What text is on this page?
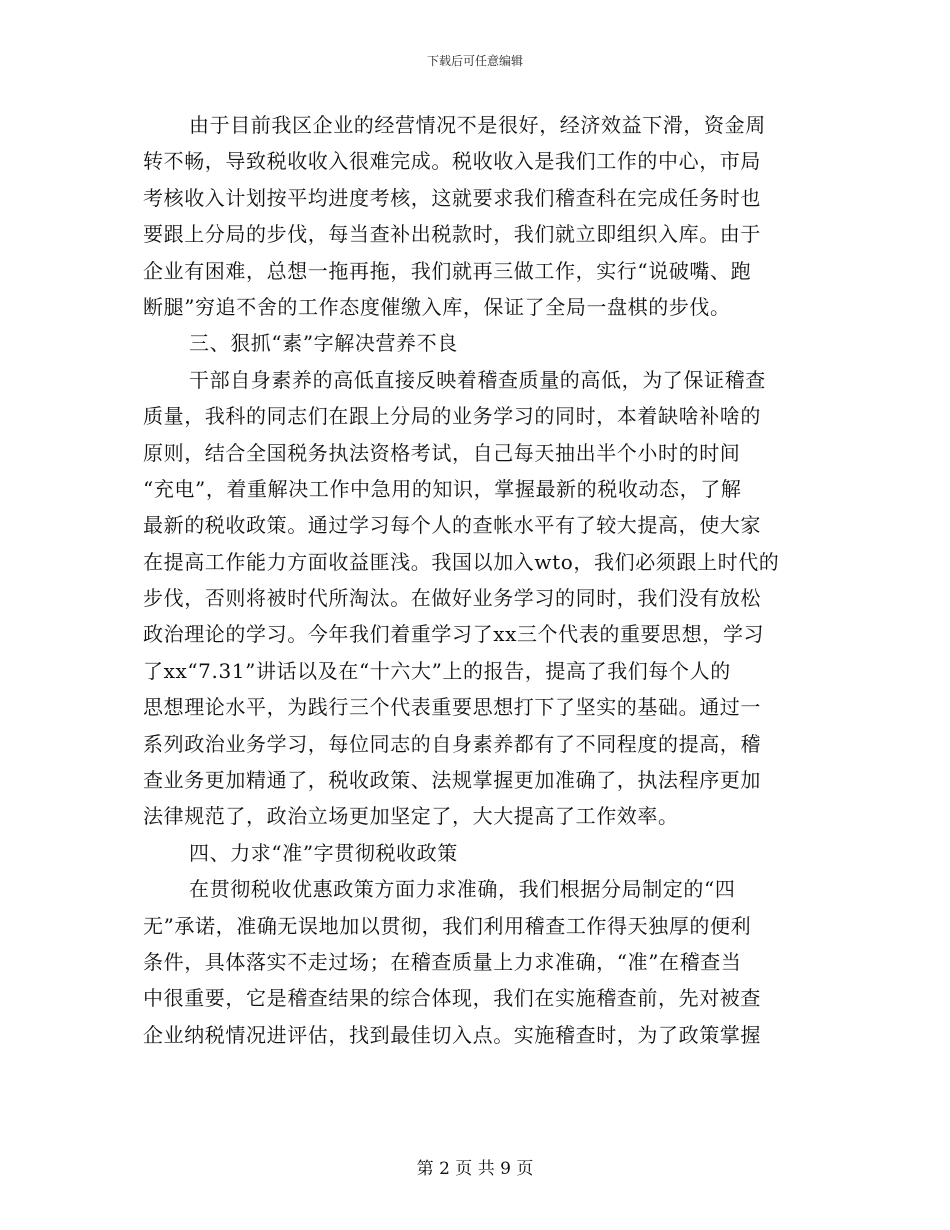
下载后可任意编辑
由于目前我区企业的经营情况不是很好，经济效益下滑，资金周
转不畅，导致税收收入很难完成。税收收入是我们工作的中心，市局
考核收入计划按平均进度考核，这就要求我们稽查科在完成任务时也
要跟上分局的步伐，每当查补出税款时，我们就立即组织入库。由于
企业有困难，总想一拖再拖，我们就再三做工作，实行“说破嘴、跑
断腿”穷追不舍的工作态度催缴入库，保证了全局一盘棋的步伐。
三、狠抓“素”字解决营养不良
干部自身素养的高低直接反映着稽查质量的高低，为了保证稽查
质量，我科的同志们在跟上分局的业务学习的同时，本着缺啥补啥的
原则，结合全国税务执法资格考试，自己每天抽出半个小时的时间
“充电”，着重解决工作中急用的知识，掌握最新的税收动态，了解
最新的税收政策。通过学习每个人的查帐水平有了较大提高，使大家
在提高工作能力方面收益匪浅。我国以加入wto，我们必须跟上时代的
步伐，否则将被时代所淘汰。在做好业务学习的同时，我们没有放松
政治理论的学习。今年我们着重学习了xx三个代表的重要思想，学习
了xx“7.31”讲话以及在“十六大”上的报告，提高了我们每个人的
思想理论水平，为践行三个代表重要思想打下了坚实的基础。通过一
系列政治业务学习，每位同志的自身素养都有了不同程度的提高，稽
查业务更加精通了，税收政策、法规掌握更加准确了，执法程序更加
法律规范了，政治立场更加坚定了，大大提高了工作效率。
四、力求“准”字贯彻税收政策
在贯彻税收优惠政策方面力求准确，我们根据分局制定的“四
无”承诺，准确无误地加以贯彻，我们利用稽查工作得天独厚的便利
条件，具体落实不走过场；在稽查质量上力求准确，“准”在稽查当
中很重要，它是稽查结果的综合体现，我们在实施稽查前，先对被查
企业纳税情况进评估，找到最佳切入点。实施稽查时，为了政策掌握
第 2 页 共 9 页
